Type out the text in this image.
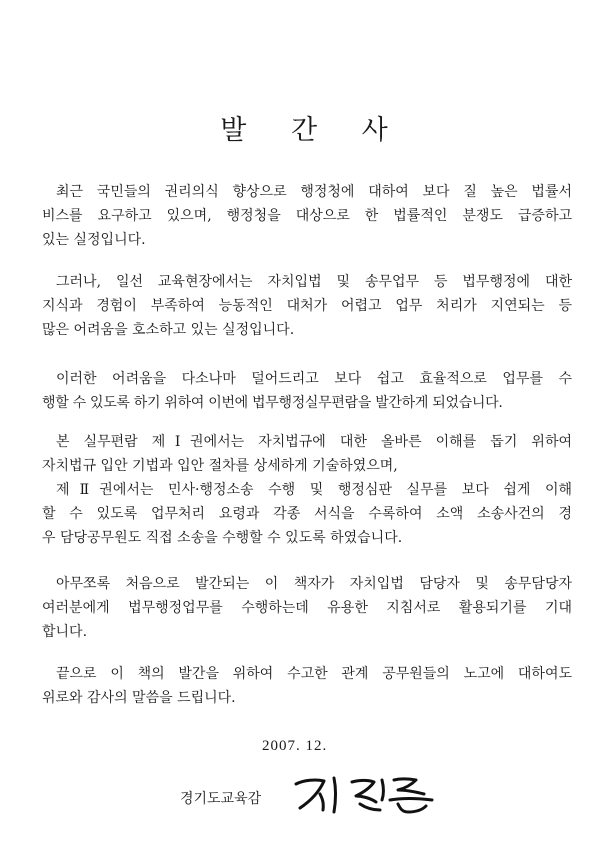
발 간 사
최근 국민들의 권리의식 향상으로 행정청에 대하여 보다 질 높은 법률서
비스를 요구하고 있으며, 행정청을 대상으로 한 법률적인 분쟁도 급증하고
있는 실정입니다.
그러나, 일선 교육현장에서는 자치입법 및 송무업무 등 법무행정에 대한
지식과 경험이 부족하여 능동적인 대처가 어렵고 업무 처리가 지연되는 등
많은 어려움을 호소하고 있는 실정입니다.
이러한 어려움을 다소나마 덜어드리고 보다 쉽고 효율적으로 업무를 수
행할 수 있도록 하기 위하여 이번에 법무행정실무편람을 발간하게 되었습니다.
본 실무편람 제Ⅰ권에서는 자치법규에 대한 올바른 이해를 돕기 위하여
자치법규 입안 기법과 입안 절차를 상세하게 기술하였으며,
제Ⅱ권에서는 민사·행정소송 수행 및 행정심판 실무를 보다 쉽게 이해
할 수 있도록 업무처리 요령과 각종 서식을 수록하여 소액 소송사건의 경
우 담당공무원도 직접 소송을 수행할 수 있도록 하였습니다.
아무쪼록 처음으로 발간되는 이 책자가 자치입법 담당자 및 송무담당자
여러분에게 법무행정업무를 수행하는데 유용한 지침서로 활용되기를 기대
합니다.
끝으로 이 책의 발간을 위하여 수고한 관계 공무원들의 노고에 대하여도
위로와 감사의 말씀을 드립니다.
2007. 12.
경기도교육감
